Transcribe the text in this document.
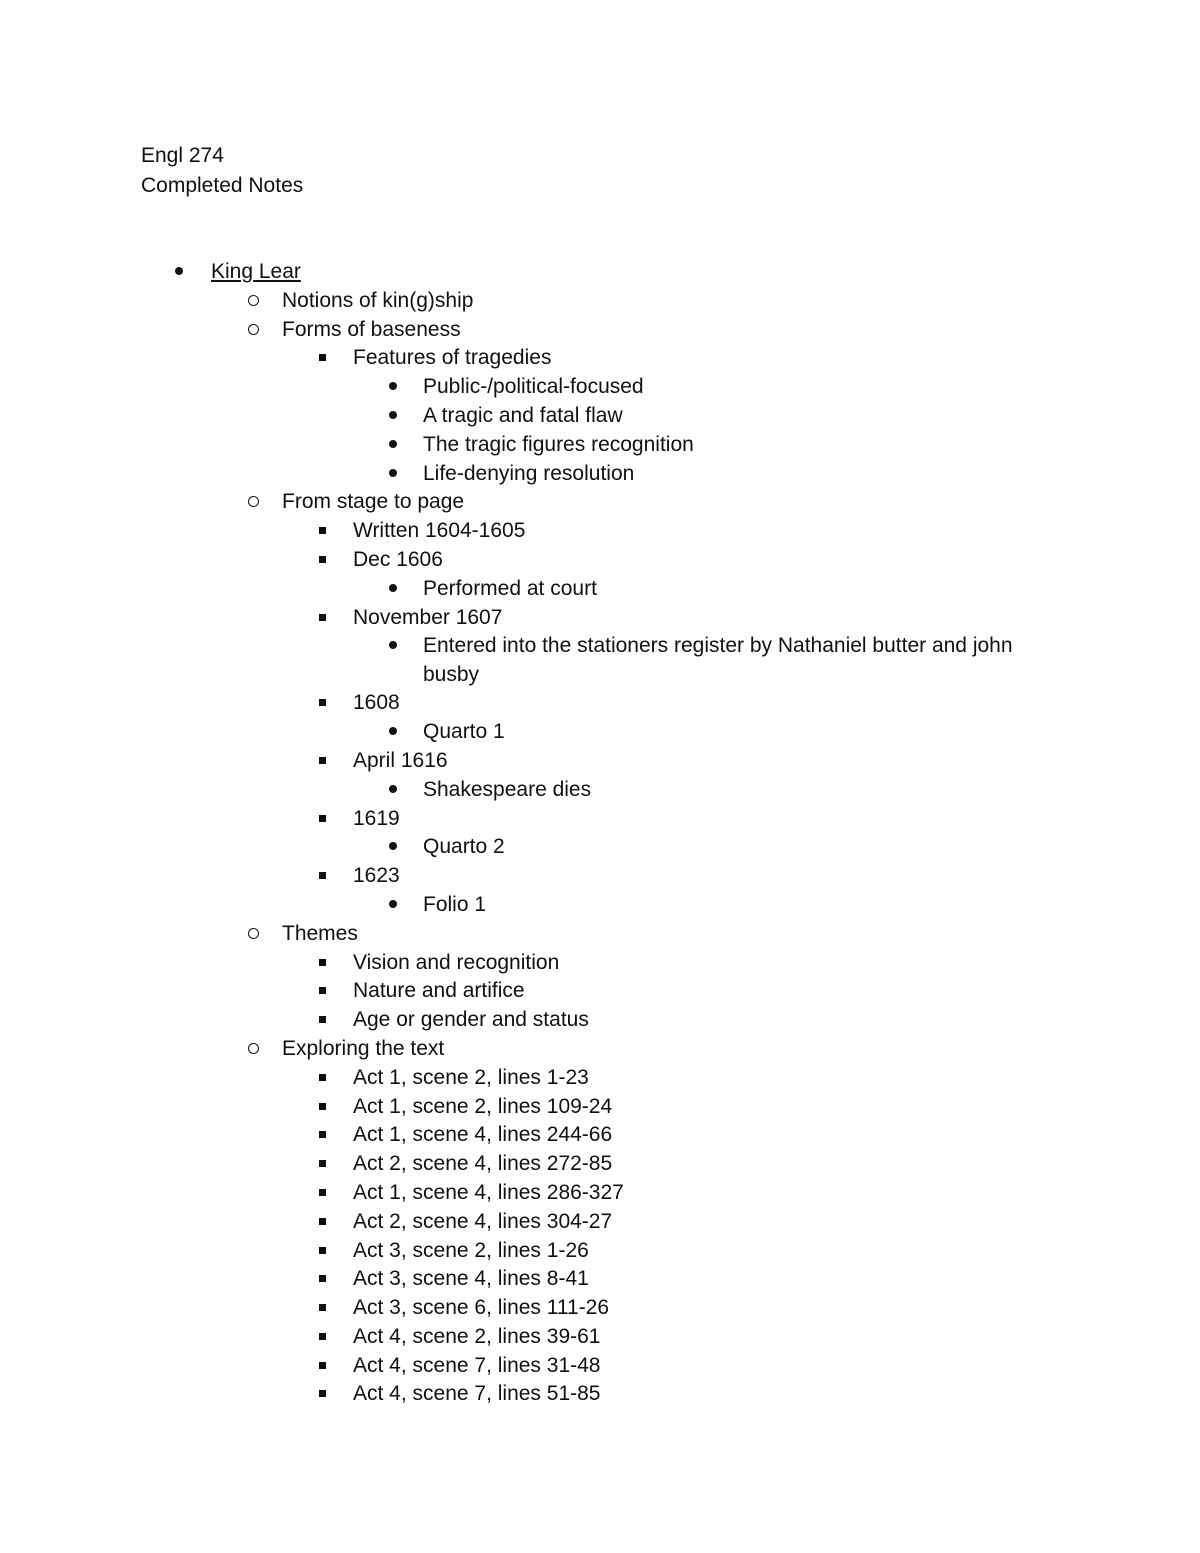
Engl 274
Completed Notes
King Lear
Notions of kin(g)ship
Forms of baseness
Features of tragedies
Public-/political-focused
A tragic and fatal flaw
The tragic figures recognition
Life-denying resolution
From stage to page
Written 1604-1605
Dec 1606
Performed at court
November 1607
Entered into the stationers register by Nathaniel butter and john busby
1608
Quarto 1
April 1616
Shakespeare dies
1619
Quarto 2
1623
Folio 1
Themes
Vision and recognition
Nature and artifice
Age or gender and status
Exploring the text
Act 1, scene 2, lines 1-23
Act 1, scene 2, lines 109-24
Act 1, scene 4, lines 244-66
Act 2, scene 4, lines 272-85
Act 1, scene 4, lines 286-327
Act 2, scene 4, lines 304-27
Act 3, scene 2, lines 1-26
Act 3, scene 4, lines 8-41
Act 3, scene 6, lines 111-26
Act 4, scene 2, lines 39-61
Act 4, scene 7, lines 31-48
Act 4, scene 7, lines 51-85
